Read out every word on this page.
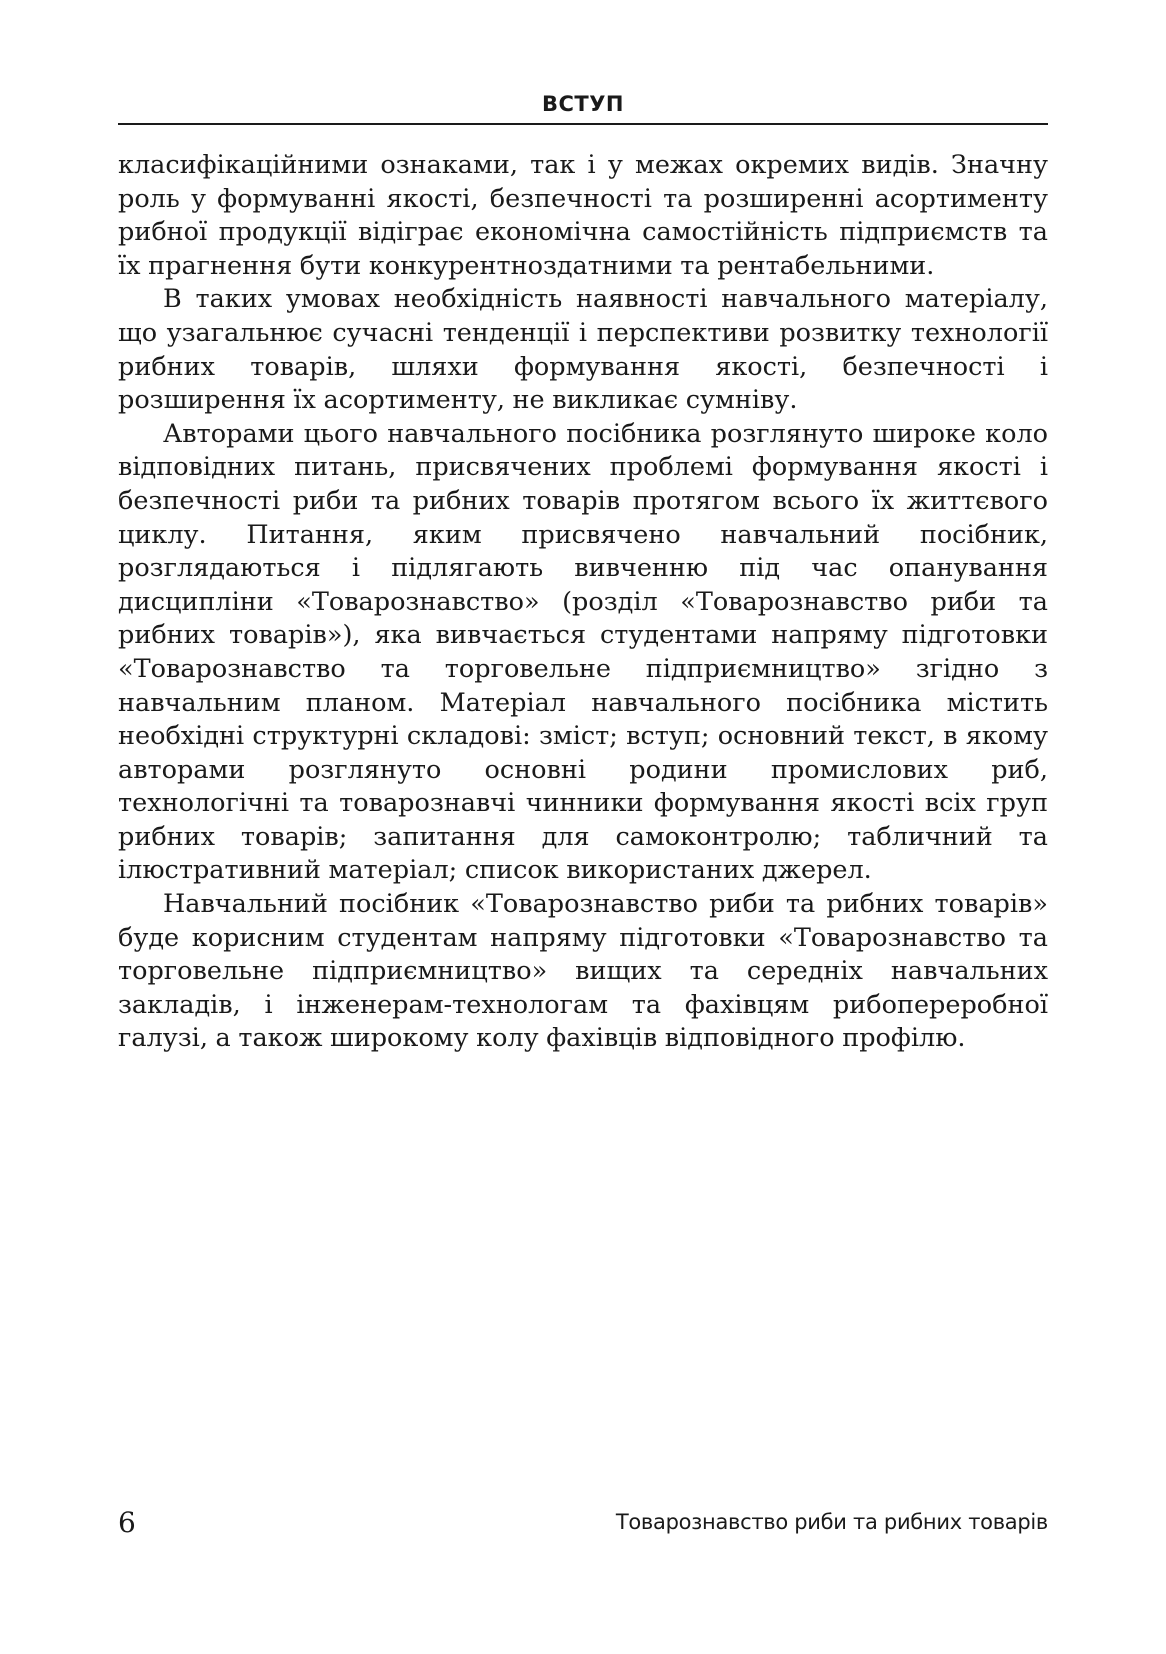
ВСТУП

класифікаційними ознаками, так і у межах окремих видів. Значну роль у формуванні якості, безпечності та розширенні асортименту рибної продукції відіграє економічна самостійність підприємств та їх прагнення бути конкурентноздатними та рентабельними.

В таких умовах необхідність наявності навчального матеріалу, що узагальнює сучасні тенденції і перспективи розвитку технології рибних товарів, шляхи формування якості, безпечності і розширення їх асортименту, не викликає сумніву.

Авторами цього навчального посібника розглянуто широке коло відповідних питань, присвячених проблемі формування якості і безпечності риби та рибних товарів протягом всього їх життєвого циклу. Питання, яким присвячено навчальний посібник, розглядаються і підлягають вивченню під час опанування дисципліни «Товарознавство» (розділ «Товарознавство риби та рибних товарів»), яка вивчається студентами напряму підготовки «Товарознавство та торговельне підприємництво» згідно з навчальним планом. Матеріал навчального посібника містить необхідні структурні складові: зміст; вступ; основний текст, в якому авторами розглянуто основні родини промислових риб, технологічні та товарознавчі чинники формування якості всіх груп рибних товарів; запитання для самоконтролю; табличний та ілюстративний матеріал; список використаних джерел.

Навчальний посібник «Товарознавство риби та рибних товарів» буде корисним студентам напряму підготовки «Товарознавство та торговельне підприємництво» вищих та середніх навчальних закладів, і інженерам-технологам та фахівцям рибопереробної галузі, а також широкому колу фахівців відповідного профілю.

6	Товарознавство риби та рибних товарів
